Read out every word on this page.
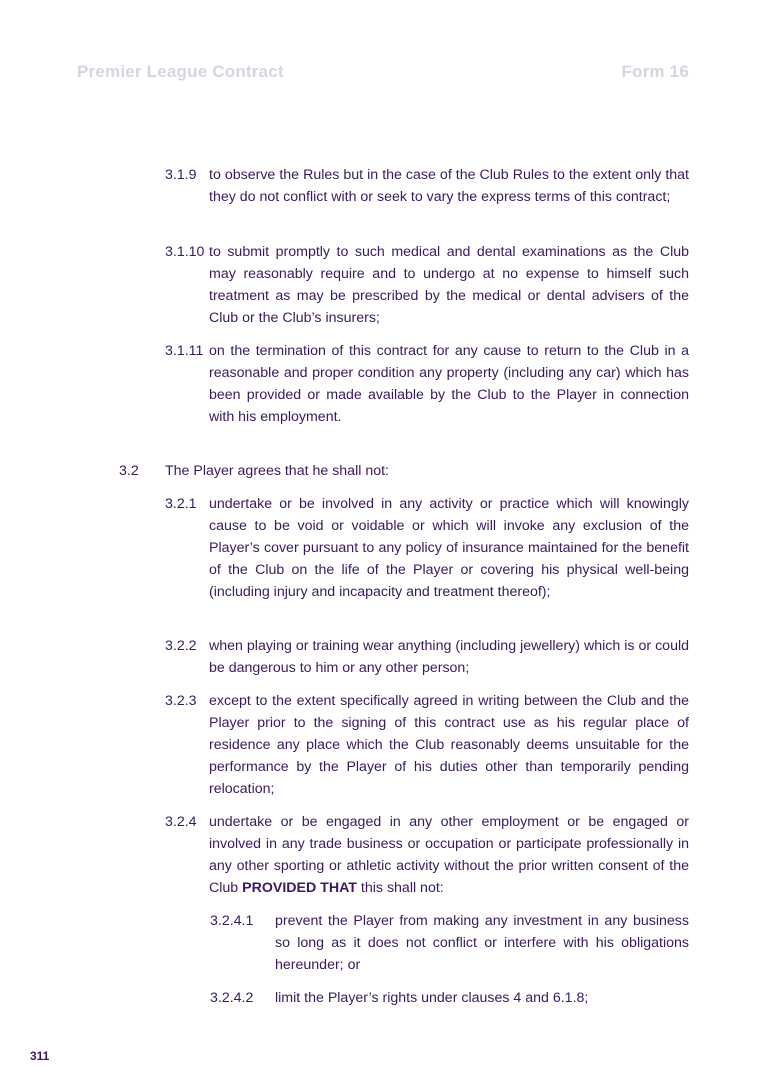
Premier League Contract	Form 16
3.1.9 to observe the Rules but in the case of the Club Rules to the extent only that they do not conflict with or seek to vary the express terms of this contract;
3.1.10 to submit promptly to such medical and dental examinations as the Club may reasonably require and to undergo at no expense to himself such treatment as may be prescribed by the medical or dental advisers of the Club or the Club’s insurers;
3.1.11 on the termination of this contract for any cause to return to the Club in a reasonable and proper condition any property (including any car) which has been provided or made available by the Club to the Player in connection with his employment.
3.2 The Player agrees that he shall not:
3.2.1 undertake or be involved in any activity or practice which will knowingly cause to be void or voidable or which will invoke any exclusion of the Player’s cover pursuant to any policy of insurance maintained for the benefit of the Club on the life of the Player or covering his physical well-being (including injury and incapacity and treatment thereof);
3.2.2 when playing or training wear anything (including jewellery) which is or could be dangerous to him or any other person;
3.2.3 except to the extent specifically agreed in writing between the Club and the Player prior to the signing of this contract use as his regular place of residence any place which the Club reasonably deems unsuitable for the performance by the Player of his duties other than temporarily pending relocation;
3.2.4 undertake or be engaged in any other employment or be engaged or involved in any trade business or occupation or participate professionally in any other sporting or athletic activity without the prior written consent of the Club PROVIDED THAT this shall not:
3.2.4.1 prevent the Player from making any investment in any business so long as it does not conflict or interfere with his obligations hereunder; or
3.2.4.2 limit the Player’s rights under clauses 4 and 6.1.8;
311
